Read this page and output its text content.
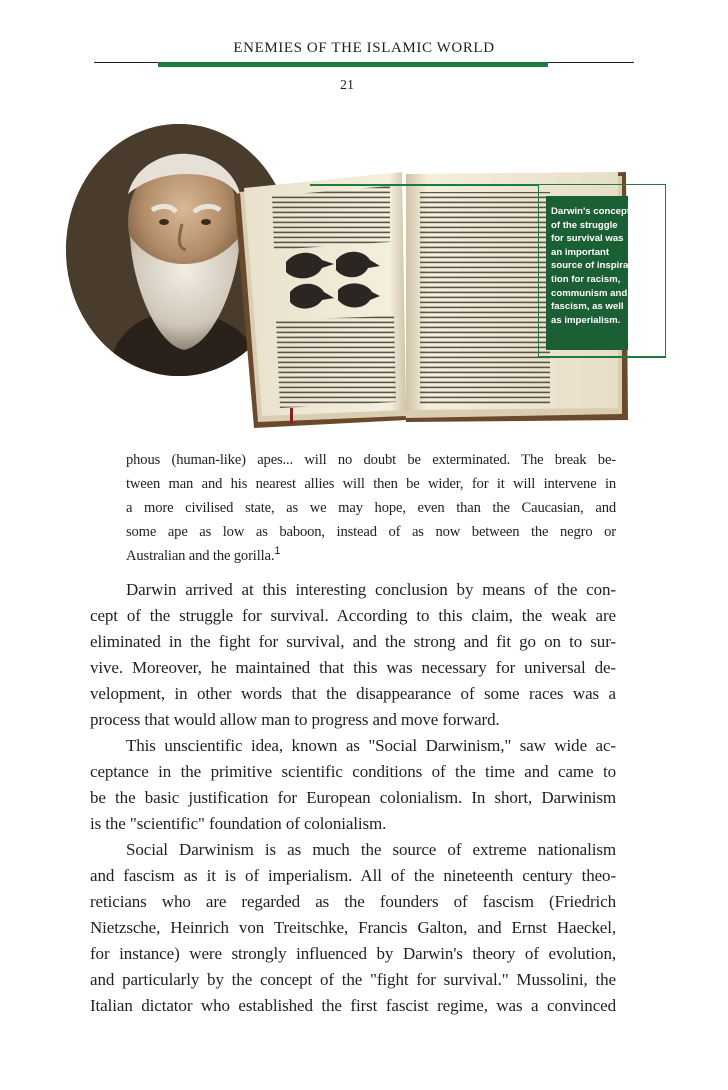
ENEMIES OF THE ISLAMIC WORLD
21

Darwin's concept
of the struggle
for survival was
an important
source of inspira-
tion for racism,
communism and
fascism, as well
as imperialism.

phous (human-like) apes... will no doubt be exterminated. The break be-

tween man and his nearest allies will then be wider, for it will intervene in

a more civilised state, as we may hope, even than the Caucasian, and

some ape as low as baboon, instead of as now between the negro or

Australian and the gorilla.$^1$

Darwin arrived at this interesting conclusion by means of the con-

cept of the struggle for survival. According to this claim, the weak are

eliminated in the fight for survival, and the strong and fit go on to sur-

vive. Moreover, he maintained that this was necessary for universal de-

velopment, in other words that the disappearance of some races was a

process that would allow man to progress and move forward.

This unscientific idea, known as "Social Darwinism," saw wide ac-

ceptance in the primitive scientific conditions of the time and came to

be the basic justification for European colonialism. In short, Darwinism

is the "scientific" foundation of colonialism.

Social Darwinism is as much the source of extreme nationalism

and fascism as it is of imperialism. All of the nineteenth century theo-

reticians who are regarded as the founders of fascism (Friedrich

Nietzsche, Heinrich von Treitschke, Francis Galton, and Ernst Haeckel,

for instance) were strongly influenced by Darwin's theory of evolution,

and particularly by the concept of the "fight for survival." Mussolini, the

Italian dictator who established the first fascist regime, was a convinced
